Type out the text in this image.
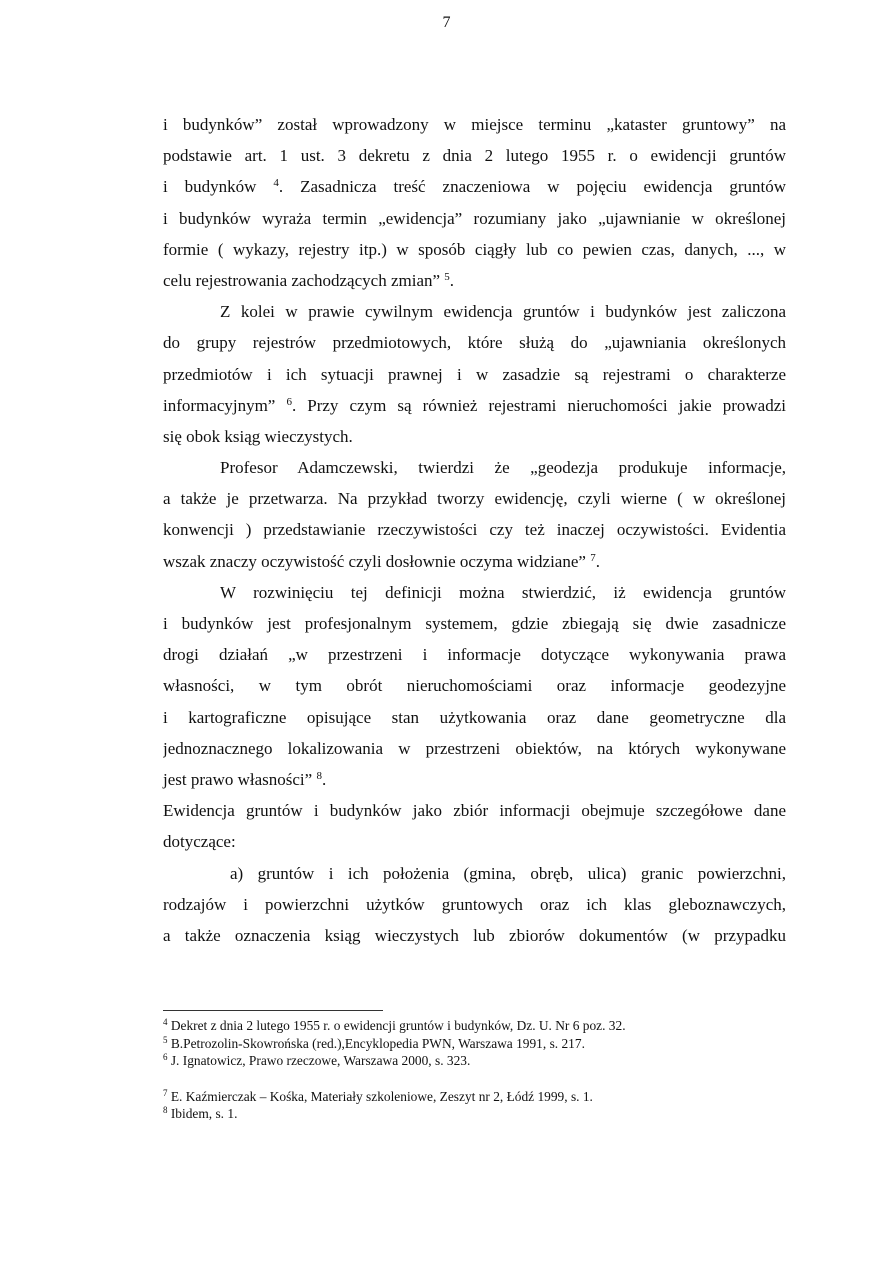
7
i budynków” został wprowadzony w miejsce terminu „kataster gruntowy” na
podstawie art. 1 ust. 3 dekretu z dnia 2 lutego 1955 r. o ewidencji gruntów
i budynków $^4$. Zasadnicza treść znaczeniowa w pojęciu ewidencja gruntów
i budynków wyraża termin „ewidencja” rozumiany jako „ujawnianie w określonej
formie ( wykazy, rejestry itp.) w sposób ciągły lub co pewien czas, danych, ..., w
celu rejestrowania zachodzących zmian” $^5$.
Z kolei w prawie cywilnym ewidencja gruntów i budynków jest zaliczona
do grupy rejestrów przedmiotowych, które służą do „ujawniania określonych
przedmiotów i ich sytuacji prawnej i w zasadzie są rejestrami o charakterze
informacyjnym” $^6$. Przy czym są również rejestrami nieruchomości jakie prowadzi
się obok ksiąg wieczystych.
Profesor Adamczewski, twierdzi że „geodezja produkuje informacje,
a także je przetwarza. Na przykład tworzy ewidencję, czyli wierne ( w określonej
konwencji ) przedstawianie rzeczywistości czy też inaczej oczywistości. Evidentia
wszak znaczy oczywistość czyli dosłownie oczyma widziane” $^7$.
W rozwinięciu tej definicji można stwierdzić, iż ewidencja gruntów
i budynków jest profesjonalnym systemem, gdzie zbiegają się dwie zasadnicze
drogi działań „w przestrzeni i informacje dotyczące wykonywania prawa
własności, w tym obrót nieruchomościami oraz informacje geodezyjne
i kartograficzne opisujące stan użytkowania oraz dane geometryczne dla
jednoznacznego lokalizowania w przestrzeni obiektów, na których wykonywane
jest prawo własności” $^8$.
Ewidencja gruntów i budynków jako zbiór informacji obejmuje szczegółowe dane
dotyczące:
a) gruntów i ich położenia (gmina, obręb, ulica) granic powierzchni,
rodzajów i powierzchni użytków gruntowych oraz ich klas gleboznawczych,
a także oznaczenia ksiąg wieczystych lub zbiorów dokumentów (w przypadku
$^4$ Dekret z dnia 2 lutego 1955 r. o ewidencji gruntów i budynków, Dz. U. Nr 6 poz. 32.
$^5$ B.Petrozolin-Skowrońska (red.),Encyklopedia PWN, Warszawa 1991, s. 217.
$^6$ J. Ignatowicz, Prawo rzeczowe, Warszawa 2000, s. 323.
$^7$ E. Kaźmierczak – Kośka, Materiały szkoleniowe, Zeszyt nr 2, Łódź 1999, s. 1.
$^8$ Ibidem, s. 1.
